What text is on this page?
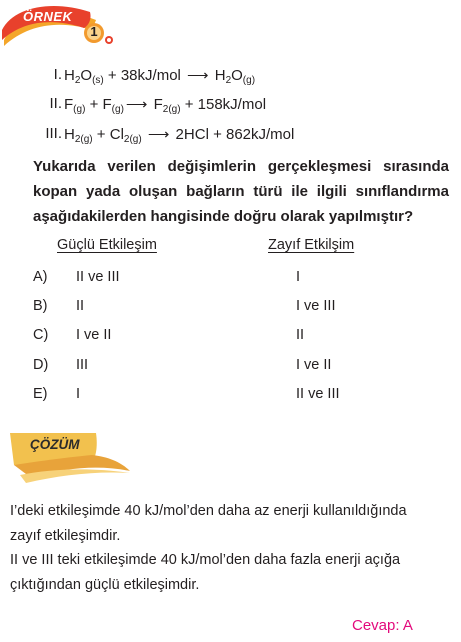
ÖRNEK
1
I. $H_2O_{(s)} + 38kJ/mol$ ⟶ $H_2O_{(g)}$
II. $F_{(g)} + F_{(g)}$ ⟶ $F_{2(g)} + 158kJ/mol$
III. $H_{2(g)} + Cl_{2(g)}$ ⟶ 2HCl + 862kJ/mol
Yukarıda verilen değişimlerin gerçekleşmesi sırasında kopan yada oluşan bağların türü ile ilgili sınıflandırma aşağıdakilerden hangisinde doğru olarak yapılmıştır?
Güçlü Etkileşim	Zayıf Etkilşim
A) II ve III	I
B) II	I ve III
C) I ve II	II
D) III	I ve II
E) I	II ve III
ÇÖZÜM
I’deki etkileşimde 40 kJ/mol’den daha az enerji kullanıldığında
zayıf etkileşimdir.
II ve III teki etkileşimde 40 kJ/mol’den daha fazla enerji açığa
çıktığından güçlü etkileşimdir.
Cevap: A
